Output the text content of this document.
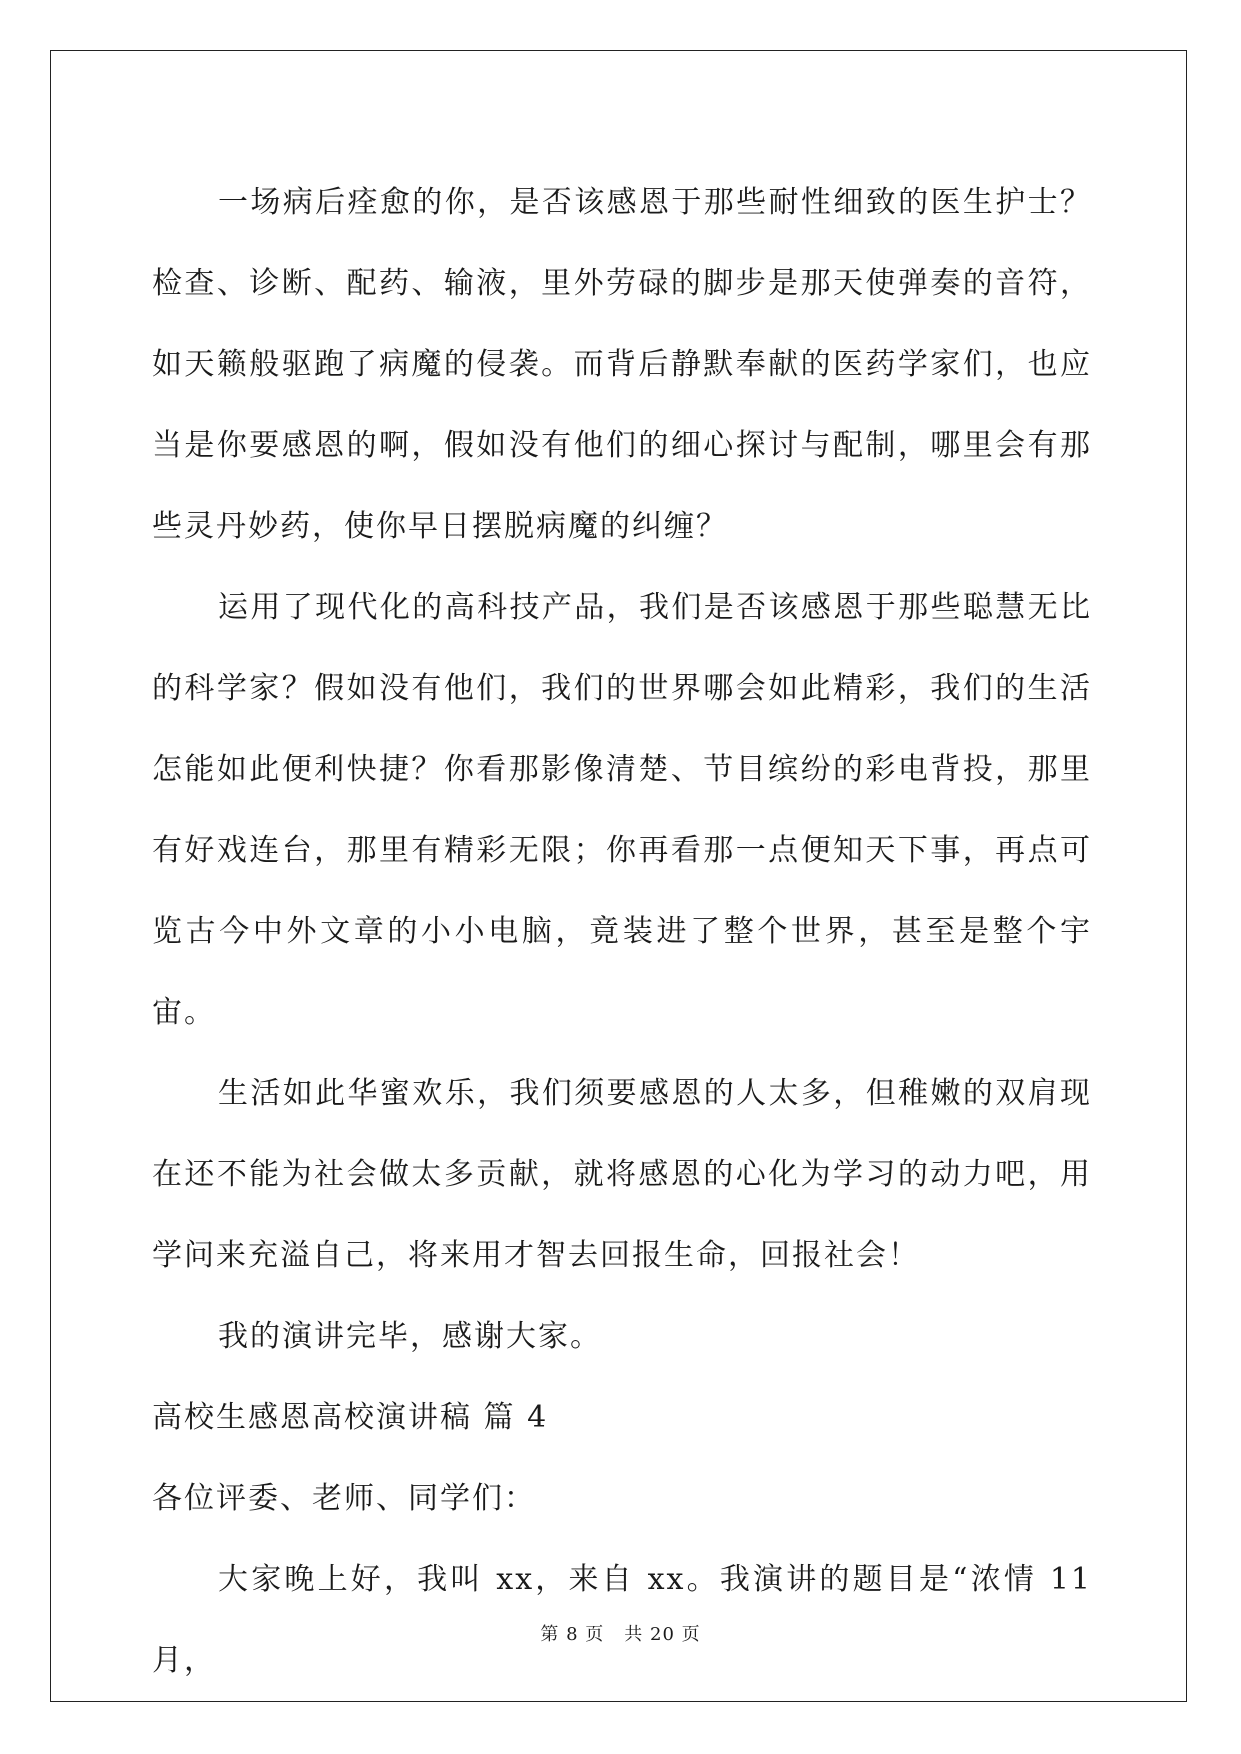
一场病后痊愈的你，是否该感恩于那些耐性细致的医生护士？检查、诊断、配药、输液，里外劳碌的脚步是那天使弹奏的音符，如天籁般驱跑了病魔的侵袭。而背后静默奉献的医药学家们，也应当是你要感恩的啊，假如没有他们的细心探讨与配制，哪里会有那些灵丹妙药，使你早日摆脱病魔的纠缠？

运用了现代化的高科技产品，我们是否该感恩于那些聪慧无比的科学家？假如没有他们，我们的世界哪会如此精彩，我们的生活怎能如此便利快捷？你看那影像清楚、节目缤纷的彩电背投，那里有好戏连台，那里有精彩无限；你再看那一点便知天下事，再点可览古今中外文章的小小电脑，竟装进了整个世界，甚至是整个宇宙。

生活如此华蜜欢乐，我们须要感恩的人太多，但稚嫩的双肩现在还不能为社会做太多贡献，就将感恩的心化为学习的动力吧，用学问来充溢自己，将来用才智去回报生命，回报社会！

我的演讲完毕，感谢大家。

高校生感恩高校演讲稿 篇 4

各位评委、老师、同学们：

大家晚上好，我叫 xx，来自 xx。我演讲的题目是“浓情 11 月，

第 8 页 共 20 页
